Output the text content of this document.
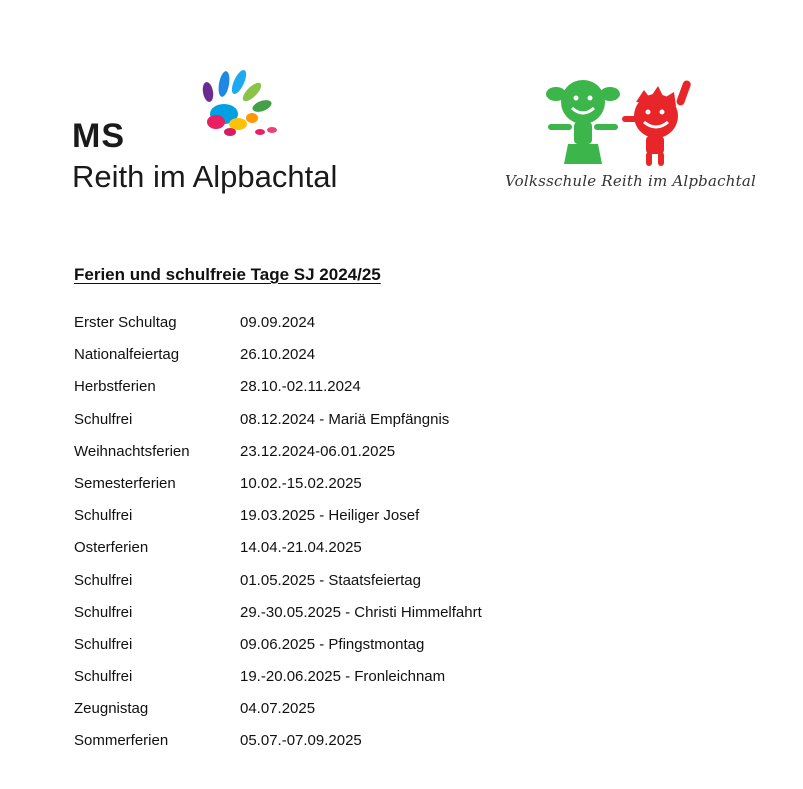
MS
Reith im Alpbachtal	Volksschule Reith im Alpbachtal
Ferien und schulfreie Tage SJ 2024/25
Erster Schultag	09.09.2024
Nationalfeiertag	26.10.2024
Herbstferien	28.10.-02.11.2024
Schulfrei	08.12.2024 - Mariä Empfängnis
Weihnachtsferien	23.12.2024-06.01.2025
Semesterferien	10.02.-15.02.2025
Schulfrei	19.03.2025 - Heiliger Josef
Osterferien	14.04.-21.04.2025
Schulfrei	01.05.2025 - Staatsfeiertag
Schulfrei	29.-30.05.2025 - Christi Himmelfahrt
Schulfrei	09.06.2025 - Pfingstmontag
Schulfrei	19.-20.06.2025 - Fronleichnam
Zeugnistag	04.07.2025
Sommerferien	05.07.-07.09.2025
